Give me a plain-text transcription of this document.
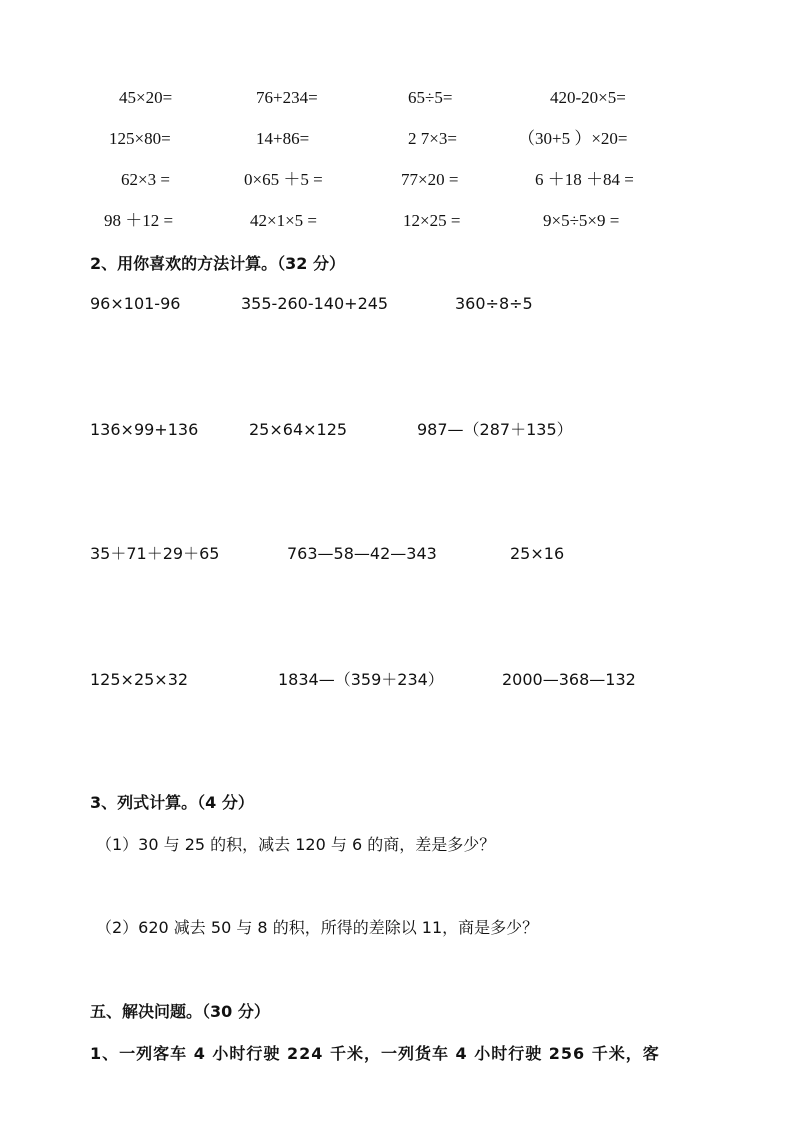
45×20=	76+234=	65÷5=	420-20×5=
125×80=	14+86=	2 7×3=	（30+5 ）×20=
62×3 =	0×65 ＋5 =	77×20 =	6 ＋18 ＋84 =
98 ＋12 =	42×1×5 =	12×25 =	9×5÷5×9 =
2、用你喜欢的方法计算。（32 分）
96×101-96	355-260-140+245	360÷8÷5
136×99+136	25×64×125	987—（287＋135）
35＋71＋29＋65	763—58—42—343	25×16
125×25×32	1834—（359＋234）	2000—368—132
3、列式计算。（4 分）
（1）30 与 25 的积，减去 120 与 6 的商，差是多少？
（2）620 减去 50 与 8 的积，所得的差除以 11，商是多少？
五、解决问题。（30 分）
1、一列客车 4 小时行驶 224 千米，一列货车 4 小时行驶 256 千米，客
